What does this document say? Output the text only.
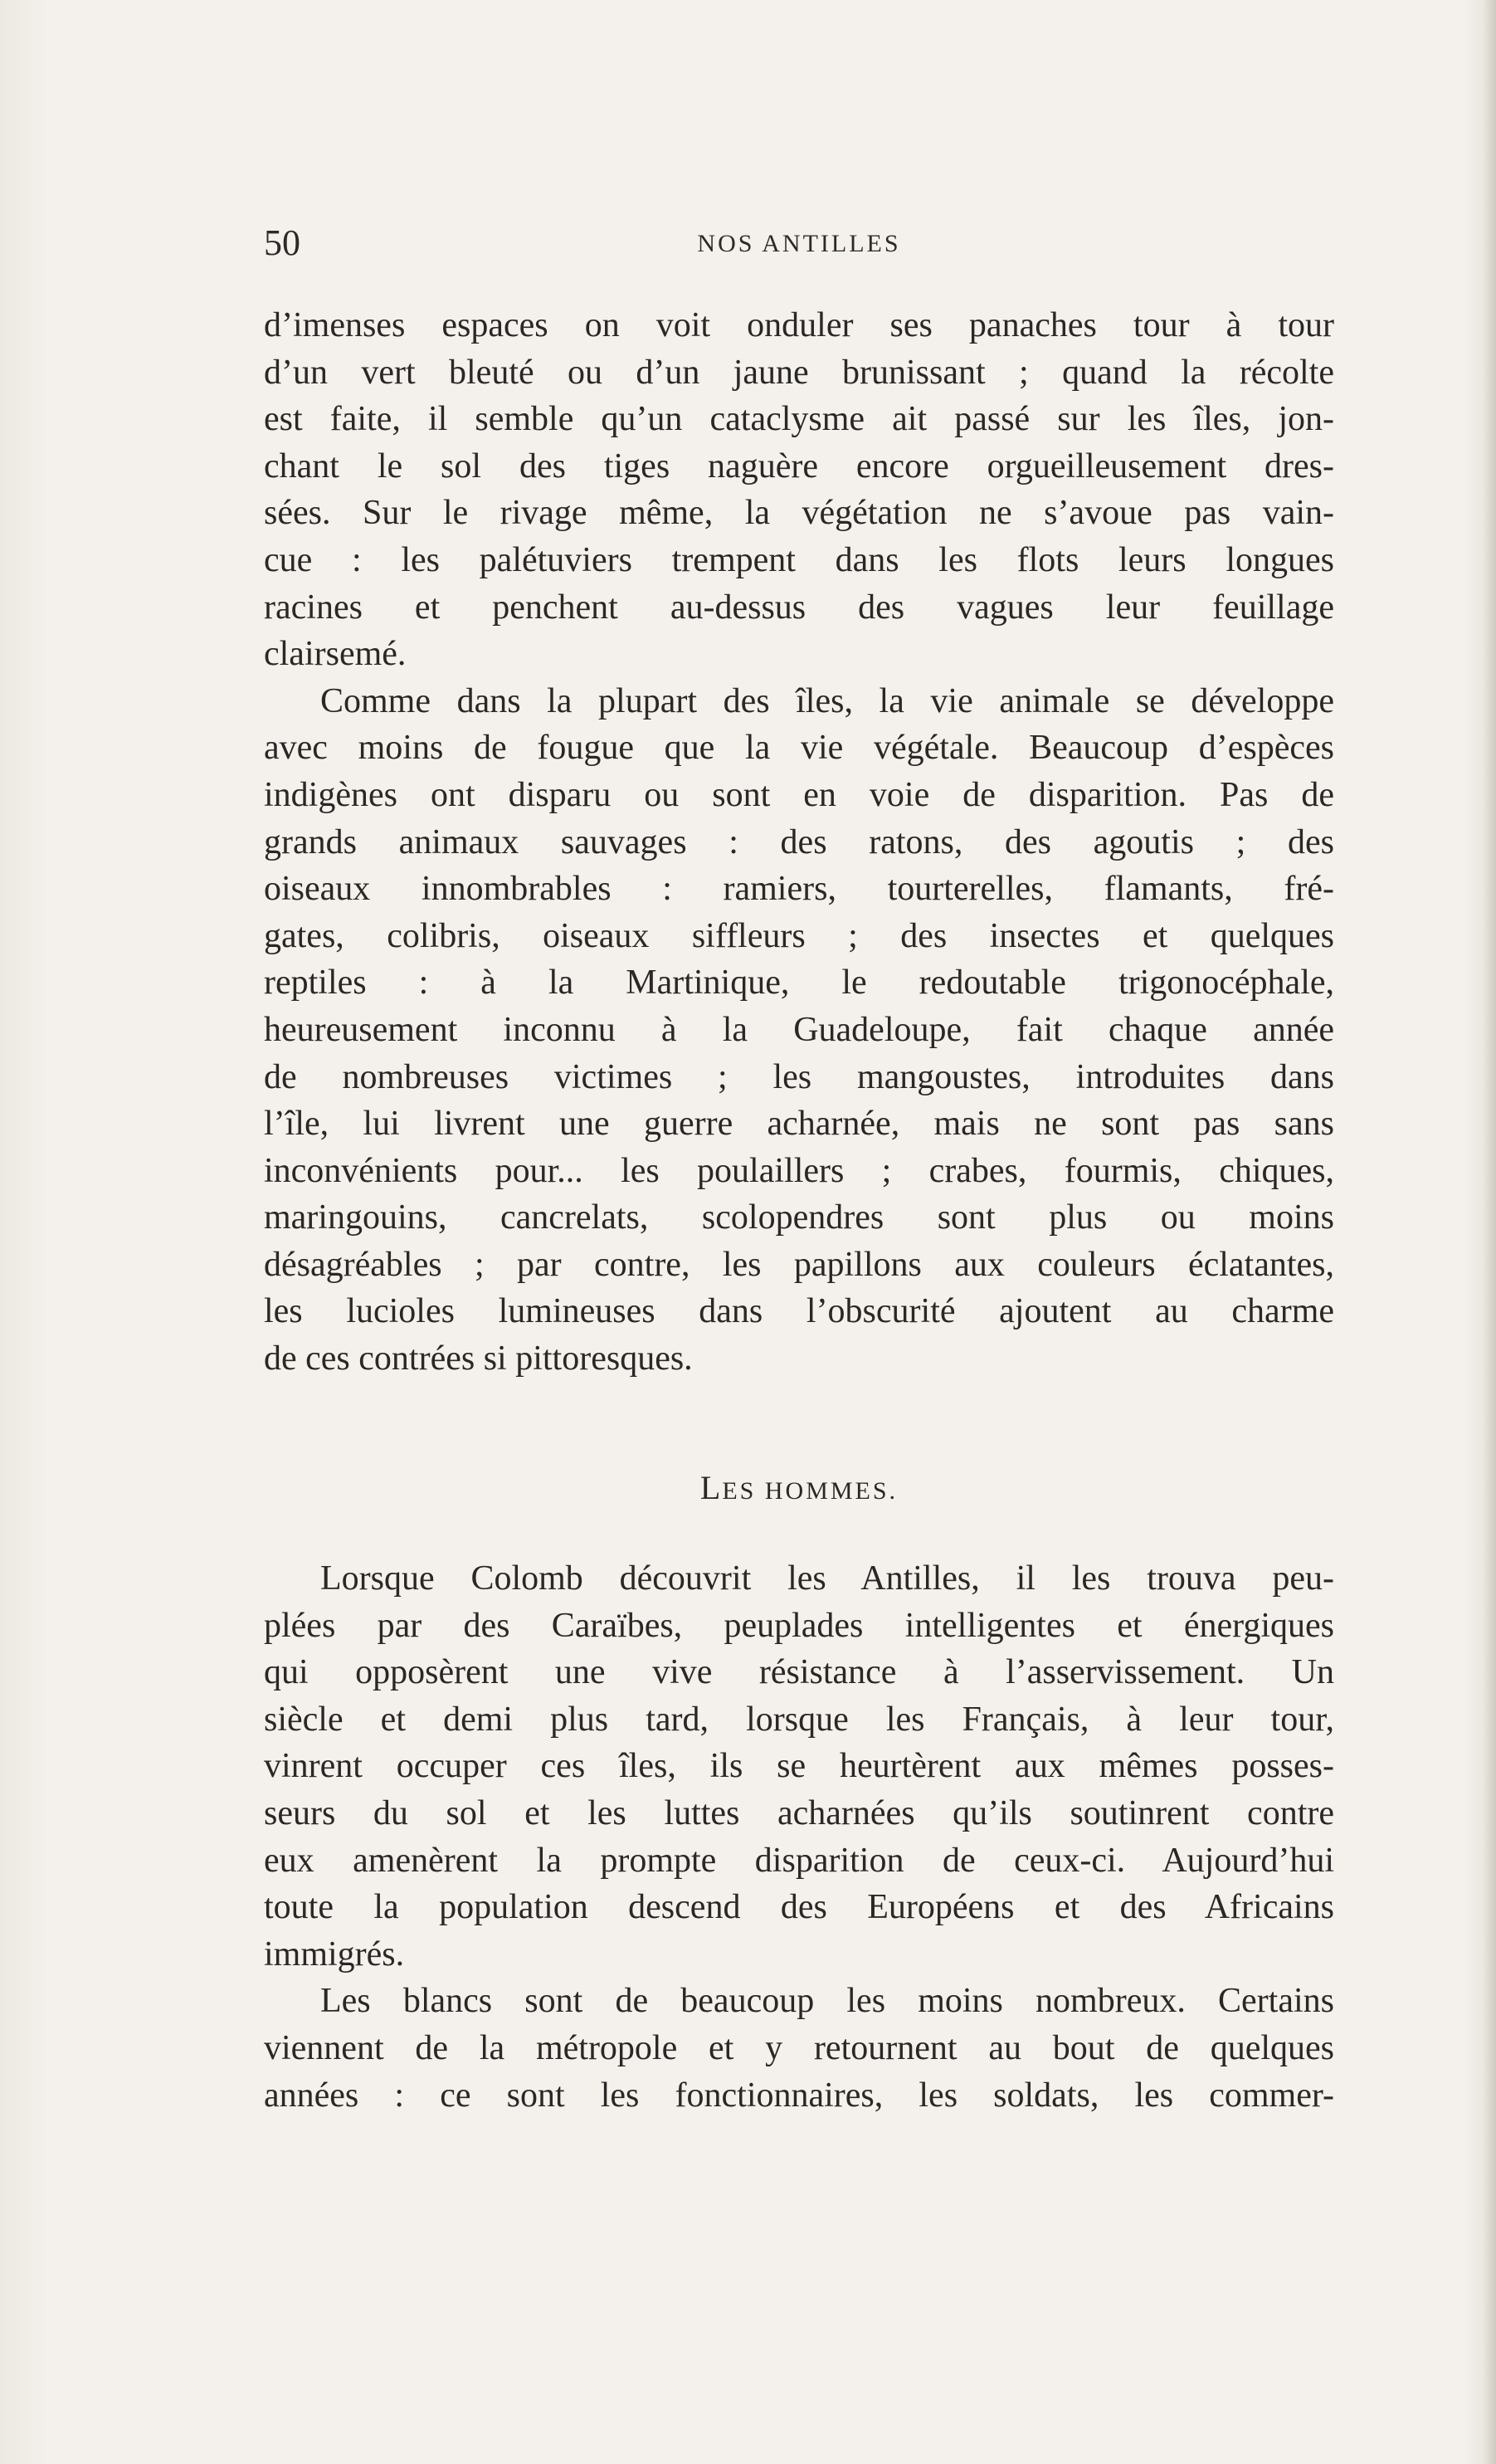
50	NOS ANTILLES
d’imenses espaces on voit onduler ses panaches tour à tour
d’un vert bleuté ou d’un jaune brunissant ; quand la récolte
est faite, il semble qu’un cataclysme ait passé sur les îles, jon-
chant le sol des tiges naguère encore orgueilleusement dres-
sées. Sur le rivage même, la végétation ne s’avoue pas vain-
cue : les palétuviers trempent dans les flots leurs longues
racines et penchent au-dessus des vagues leur feuillage
clairsemé.
Comme dans la plupart des îles, la vie animale se développe
avec moins de fougue que la vie végétale. Beaucoup d’espèces
indigènes ont disparu ou sont en voie de disparition. Pas de
grands animaux sauvages : des ratons, des agoutis ; des
oiseaux innombrables : ramiers, tourterelles, flamants, fré-
gates, colibris, oiseaux siffleurs ; des insectes et quelques
reptiles : à la Martinique, le redoutable trigonocéphale,
heureusement inconnu à la Guadeloupe, fait chaque année
de nombreuses victimes ; les mangoustes, introduites dans
l’île, lui livrent une guerre acharnée, mais ne sont pas sans
inconvénients pour... les poulaillers ; crabes, fourmis, chiques,
maringouins, cancrelats, scolopendres sont plus ou moins
désagréables ; par contre, les papillons aux couleurs éclatantes,
les lucioles lumineuses dans l’obscurité ajoutent au charme
de ces contrées si pittoresques.
LES HOMMES.
Lorsque Colomb découvrit les Antilles, il les trouva peu-
plées par des Caraïbes, peuplades intelligentes et énergiques
qui opposèrent une vive résistance à l’asservissement. Un
siècle et demi plus tard, lorsque les Français, à leur tour,
vinrent occuper ces îles, ils se heurtèrent aux mêmes posses-
seurs du sol et les luttes acharnées qu’ils soutinrent contre
eux amenèrent la prompte disparition de ceux-ci. Aujourd’hui
toute la population descend des Européens et des Africains
immigrés.
Les blancs sont de beaucoup les moins nombreux. Certains
viennent de la métropole et y retournent au bout de quelques
années : ce sont les fonctionnaires, les soldats, les commer-
